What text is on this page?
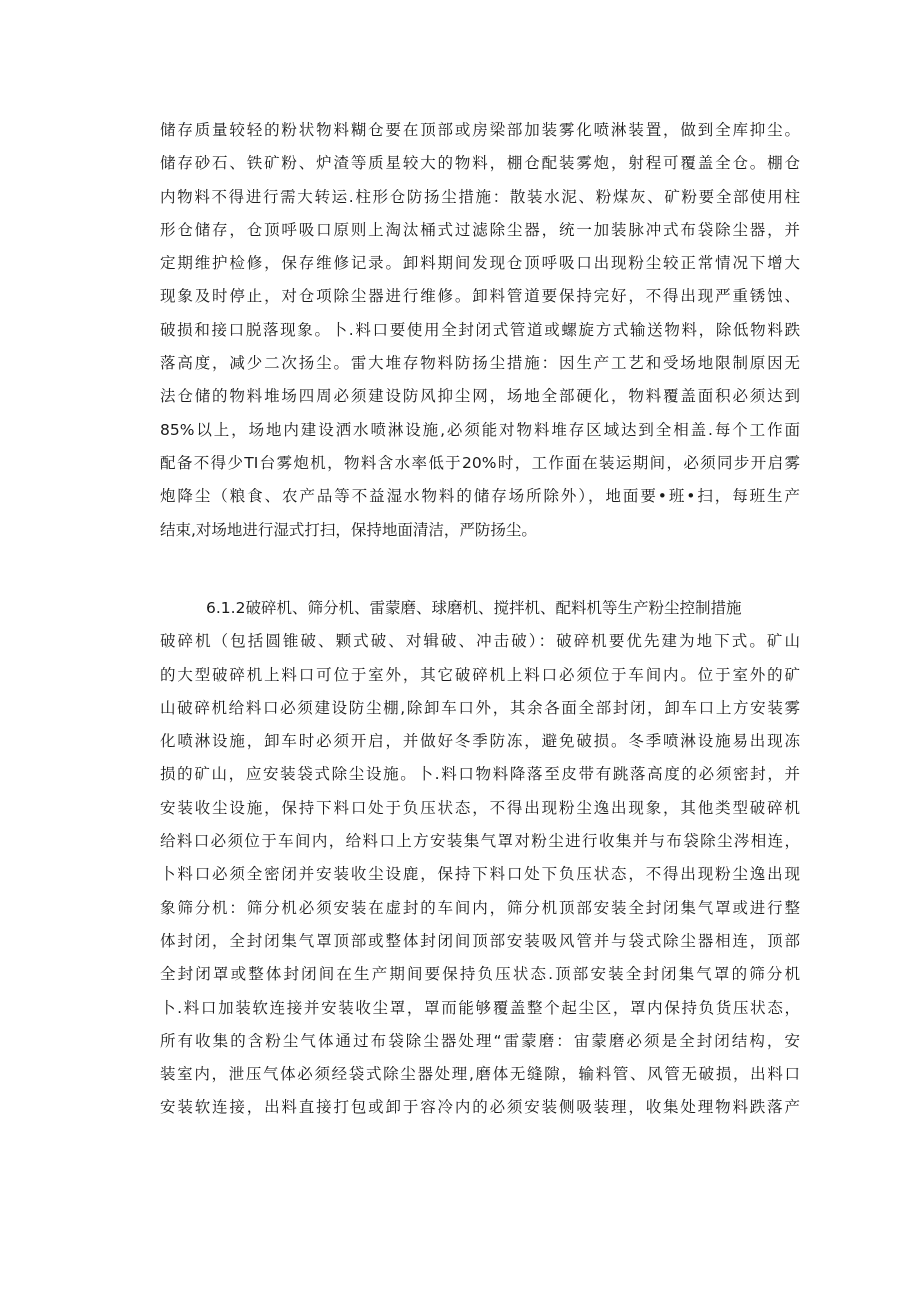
储存质量较轻的粉状物料糊仓要在顶部或房梁部加装雾化喷淋装置，做到全库抑尘。
储存砂石、铁矿粉、炉渣等质星较大的物料，棚仓配装雾炮，射程可覆盖全仓。棚仓
内物料不得进行需大转运.柱形仓防扬尘措施：散装水泥、粉煤灰、矿粉要全部使用柱
形仓储存，仓顶呼吸口原则上淘汰桶式过滤除尘器，统一加装脉冲式布袋除尘器，并
定期维护检修，保存维修记录。卸料期间发现仓顶呼吸口出现粉尘较正常情况下增大
现象及时停止，对仓项除尘器进行维修。卸料管道要保持完好，不得出现严重锈蚀、
破损和接口脱落现象。卜.料口要使用全封闭式管道或螺旋方式输送物料，除低物料跌
落高度，减少二次扬尘。雷大堆存物料防扬尘措施：因生产工艺和受场地限制原因无
法仓储的物料堆场四周必须建设防风抑尘网，场地全部硬化，物料覆盖面积必须达到
85%以上，场地内建设洒水喷淋设施,必须能对物料堆存区域达到全相盖.每个工作面
配备不得少TI台雾炮机，物料含水率低于20%时，工作面在装运期间，必须同步开启雾
炮降尘（粮食、农产品等不益湿水物料的储存场所除外），地面要•班•扫，每班生产
结束,对场地进行湿式打扫，保持地面清洁，严防扬尘。
6.1.2破碎机、筛分机、雷蒙磨、球磨机、搅拌机、配料机等生产粉尘控制措施
破碎机（包括圆锥破、颗式破、对辑破、冲击破）：破碎机要优先建为地下式。矿山
的大型破碎机上料口可位于室外，其它破碎机上料口必须位于车间内。位于室外的矿
山破碎机给料口必须建设防尘棚,除卸车口外，其余各面全部封闭，卸车口上方安装雾
化喷淋设施，卸车时必须开启，并做好冬季防冻，避免破损。冬季喷淋设施易出现冻
损的矿山，应安装袋式除尘设施。卜.料口物料降落至皮带有跳落高度的必须密封，并
安装收尘设施，保持下料口处于负压状态，不得出现粉尘逸出现象，其他类型破碎机
给料口必须位于车间内，给料口上方安装集气罩对粉尘进行收集并与布袋除尘涔相连，
卜料口必须全密闭并安装收尘设鹿，保持下料口处下负压状态，不得出现粉尘逸出现
象筛分机：筛分机必须安装在虚封的车间内，筛分机顶部安装全封闭集气罩或进行整
体封闭，全封闭集气罩顶部或整体封闭间顶部安装吸风管并与袋式除尘器相连，顶部
全封闭罩或整体封闭间在生产期间要保持负压状态.顶部安装全封闭集气罩的筛分机
卜.料口加装软连接并安装收尘罩，罩而能够覆盖整个起尘区，罩内保持负货压状态，
所有收集的含粉尘气体通过布袋除尘器处理“雷蒙磨：宙蒙磨必须是全封闭结构，安
装室内，泄压气体必须经袋式除尘器处理,磨体无缝隙，输料管、风管无破损，出料口
安装软连接，出料直接打包或卸于容冷内的必须安装侧吸装理，收集处理物料跌落产
